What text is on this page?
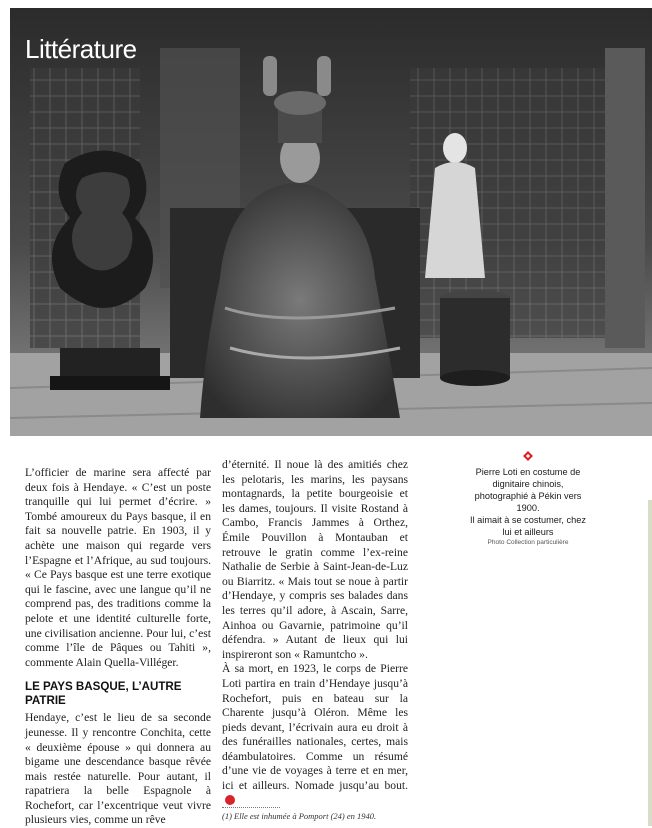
Littérature
Pierre Loti en costume de dignitaire chinois, photographié à Pékin vers 1900.
Il aimait à se costumer, chez lui et ailleurs
Photo Collection particulière

L’officier de marine sera affecté par deux fois à Hendaye. « C’est un poste tranquille qui lui permet d’écrire. » Tombé amoureux du Pays basque, il en fait sa nouvelle patrie. En 1903, il y achète une maison qui regarde vers l’Espagne et l’Afrique, au sud toujours. « Ce Pays basque est une terre exotique qui le fascine, avec une langue qu’il ne comprend pas, des traditions comme la pelote et une identité culturelle forte, une civilisation ancienne. Pour lui, c’est comme l’île de Pâques ou Tahiti », commente Alain Quella-Villéger.

LE PAYS BASQUE, L’AUTRE PATRIE

Hendaye, c’est le lieu de sa seconde jeunesse. Il y rencontre Conchita, cette « deuxième épouse » qui donnera au bigame une descendance basque rêvée mais restée naturelle. Pour autant, il rapatriera la belle Espagnole à Rochefort, car l’excentrique veut vivre plusieurs vies, comme un rêve

d’éternité. Il noue là des amitiés chez les pelotaris, les marins, les paysans montagnards, la petite bourgeoisie et les dames, toujours. Il visite Rostand à Cambo, Francis Jammes à Orthez, Émile Pouvillon à Montauban et retrouve le gratin comme l’ex-reine Nathalie de Serbie à Saint-Jean-de-Luz ou Biarritz. « Mais tout se noue à partir d’Hendaye, y compris ses balades dans les terres qu’il adore, à Ascain, Sarre, Ainhoa ou Gavarnie, patrimoine qu’il défendra. » Autant de lieux qui lui inspireront son « Ramuntcho ».

À sa mort, en 1923, le corps de Pierre Loti partira en train d’Hendaye jusqu’à Rochefort, puis en bateau sur la Charente jusqu’à Oléron. Même les pieds devant, l’écrivain aura eu droit à des funérailles nationales, certes, mais déambulatoires. Comme un résumé d’une vie de voyages à terre et en mer, ici et ailleurs. Nomade jusqu’au bout.

(1) Elle est inhumée à Pomport (24) en 1940.
